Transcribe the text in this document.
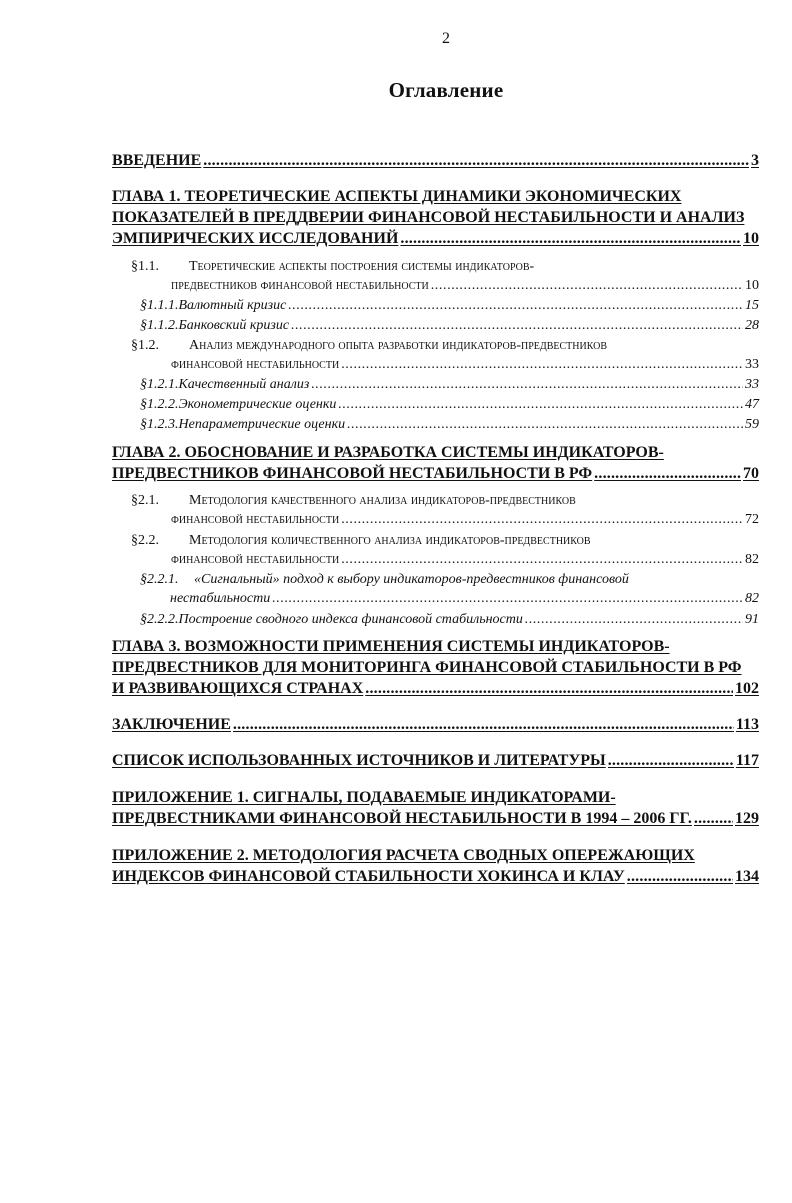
2
Оглавление
ВВЕДЕНИЕ .....	3
ГЛАВА 1. ТЕОРЕТИЧЕСКИЕ АСПЕКТЫ ДИНАМИКИ ЭКОНОМИЧЕСКИХ
ПОКАЗАТЕЛЕЙ В ПРЕДДВЕРИИ ФИНАНСОВОЙ НЕСТАБИЛЬНОСТИ И АНАЛИЗ
ЭМПИРИЧЕСКИХ ИССЛЕДОВАНИЙ .....	10
§1.1.	Теоретические аспекты построения системы индикаторов-
предвестников финансовой нестабильности .....	10
§1.1.1. Валютный кризис .....	15
§1.1.2. Банковский кризис .....	28
§1.2.	Анализ международного опыта разработки индикаторов-предвестников
финансовой нестабильности .....	33
§1.2.1. Качественный анализ .....	33
§1.2.2. Эконометрические оценки .....	47
§1.2.3. Непараметрические оценки .....	59
ГЛАВА 2. ОБОСНОВАНИЕ И РАЗРАБОТКА СИСТЕМЫ ИНДИКАТОРОВ-
ПРЕДВЕСТНИКОВ ФИНАНСОВОЙ НЕСТАБИЛЬНОСТИ В РФ .....	70
§2.1.	Методология качественного анализа индикаторов-предвестников
финансовой нестабильности .....	72
§2.2.	Методология количественного анализа индикаторов-предвестников
финансовой нестабильности .....	82
§2.2.1.	«Сигнальный» подход к выбору индикаторов-предвестников финансовой
нестабильности .....	82
§2.2.2. Построение сводного индекса финансовой стабильности .....	91
ГЛАВА 3. ВОЗМОЖНОСТИ ПРИМЕНЕНИЯ СИСТЕМЫ ИНДИКАТОРОВ-
ПРЕДВЕСТНИКОВ ДЛЯ МОНИТОРИНГА ФИНАНСОВОЙ СТАБИЛЬНОСТИ В РФ
И РАЗВИВАЮЩИХСЯ СТРАНАХ .....	102
ЗАКЛЮЧЕНИЕ .....	113
СПИСОК ИСПОЛЬЗОВАННЫХ ИСТОЧНИКОВ И ЛИТЕРАТУРЫ .....	117
ПРИЛОЖЕНИЕ 1. СИГНАЛЫ, ПОДАВАЕМЫЕ ИНДИКАТОРАМИ-
ПРЕДВЕСТНИКАМИ ФИНАНСОВОЙ НЕСТАБИЛЬНОСТИ В 1994 – 2006 ГГ. .....	129
ПРИЛОЖЕНИЕ 2. МЕТОДОЛОГИЯ РАСЧЕТА СВОДНЫХ ОПЕРЕЖАЮЩИХ
ИНДЕКСОВ ФИНАНСОВОЙ СТАБИЛЬНОСТИ ХОКИНСА И КЛАУ .....	134
